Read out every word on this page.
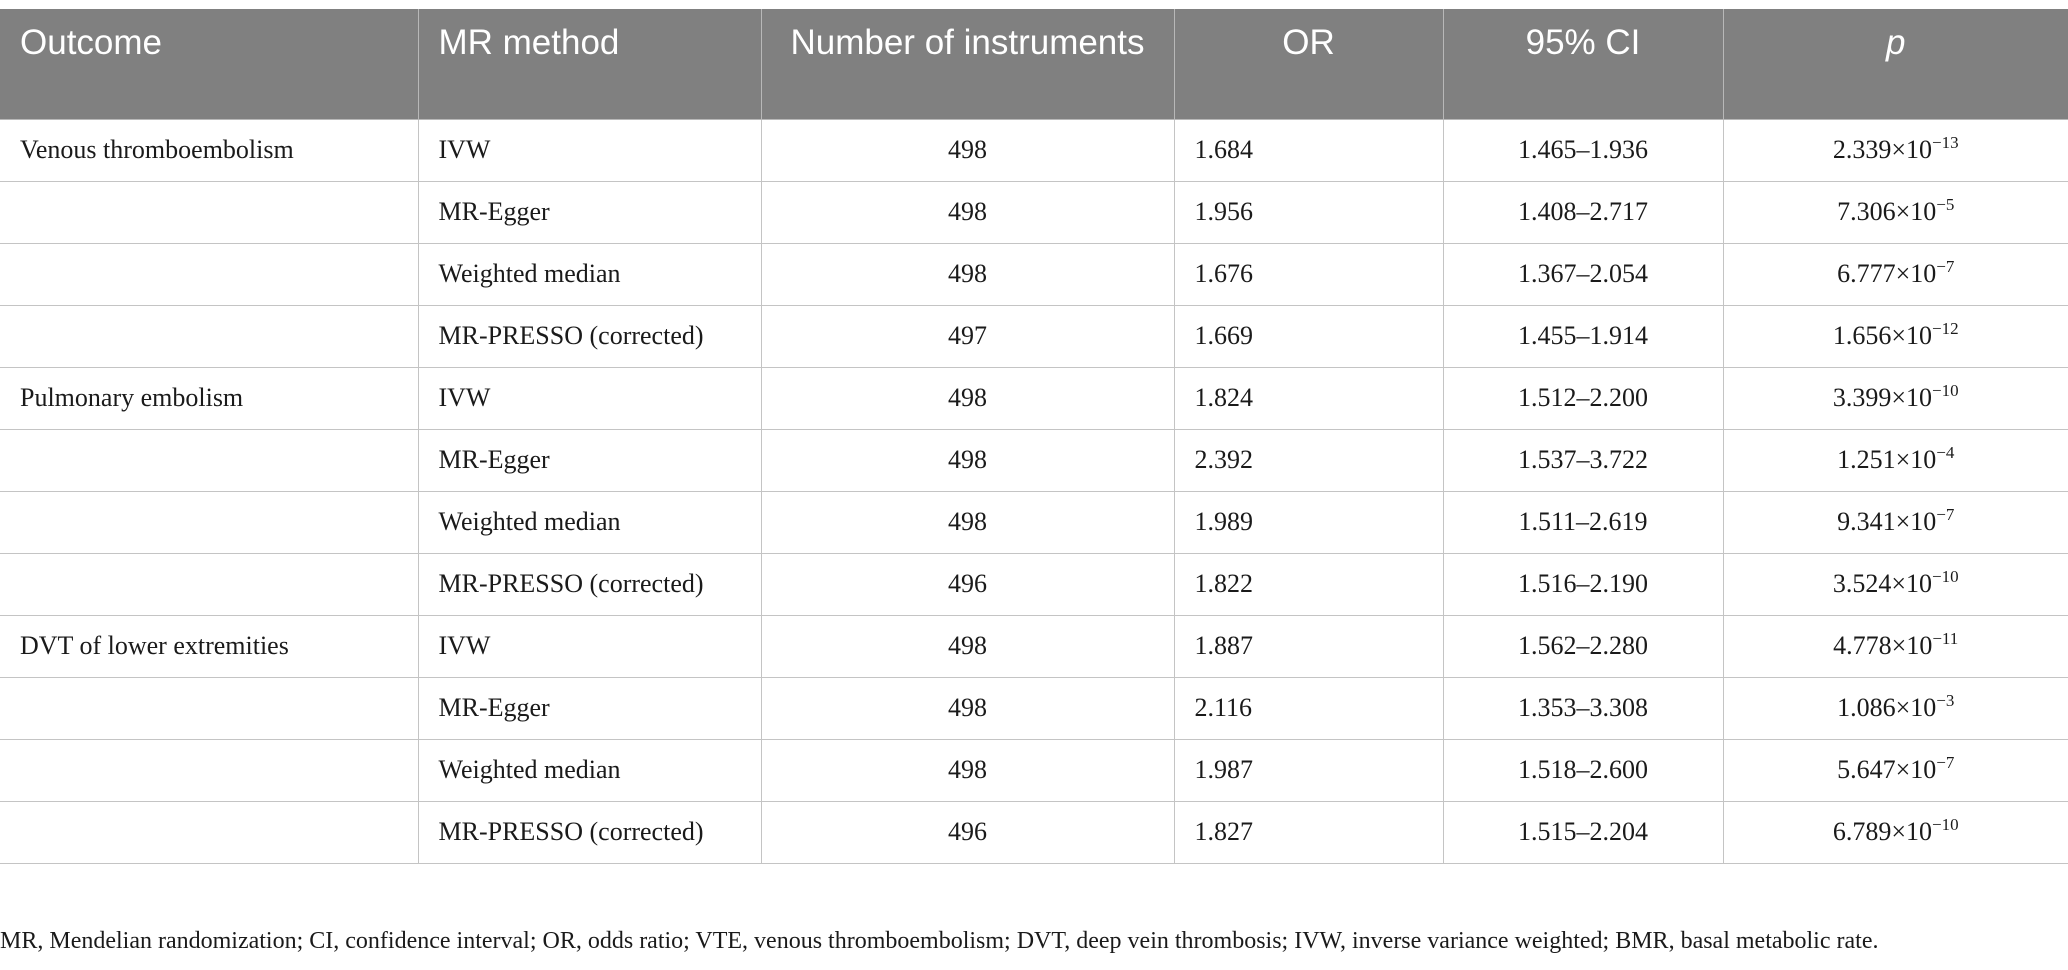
Outcome	MR method	Number of instruments	OR	95% CI	p
Venous thromboembolism	IVW	498	1.684	1.465–1.936	$2.339\times 10^{-13}$
	MR-Egger	498	1.956	1.408–2.717	$7.306\times 10^{-5}$
	Weighted median	498	1.676	1.367–2.054	$6.777\times 10^{-7}$
	MR-PRESSO (corrected)	497	1.669	1.455–1.914	$1.656\times 10^{-12}$
Pulmonary embolism	IVW	498	1.824	1.512–2.200	$3.399\times 10^{-10}$
	MR-Egger	498	2.392	1.537–3.722	$1.251\times 10^{-4}$
	Weighted median	498	1.989	1.511–2.619	$9.341\times 10^{-7}$
	MR-PRESSO (corrected)	496	1.822	1.516–2.190	$3.524\times 10^{-10}$
DVT of lower extremities	IVW	498	1.887	1.562–2.280	$4.778\times 10^{-11}$
	MR-Egger	498	2.116	1.353–3.308	$1.086\times 10^{-3}$
	Weighted median	498	1.987	1.518–2.600	$5.647\times 10^{-7}$
	MR-PRESSO (corrected)	496	1.827	1.515–2.204	$6.789\times 10^{-10}$
MR, Mendelian randomization; CI, confidence interval; OR, odds ratio; VTE, venous thromboembolism; DVT, deep vein thrombosis; IVW, inverse variance weighted; BMR, basal metabolic rate.
